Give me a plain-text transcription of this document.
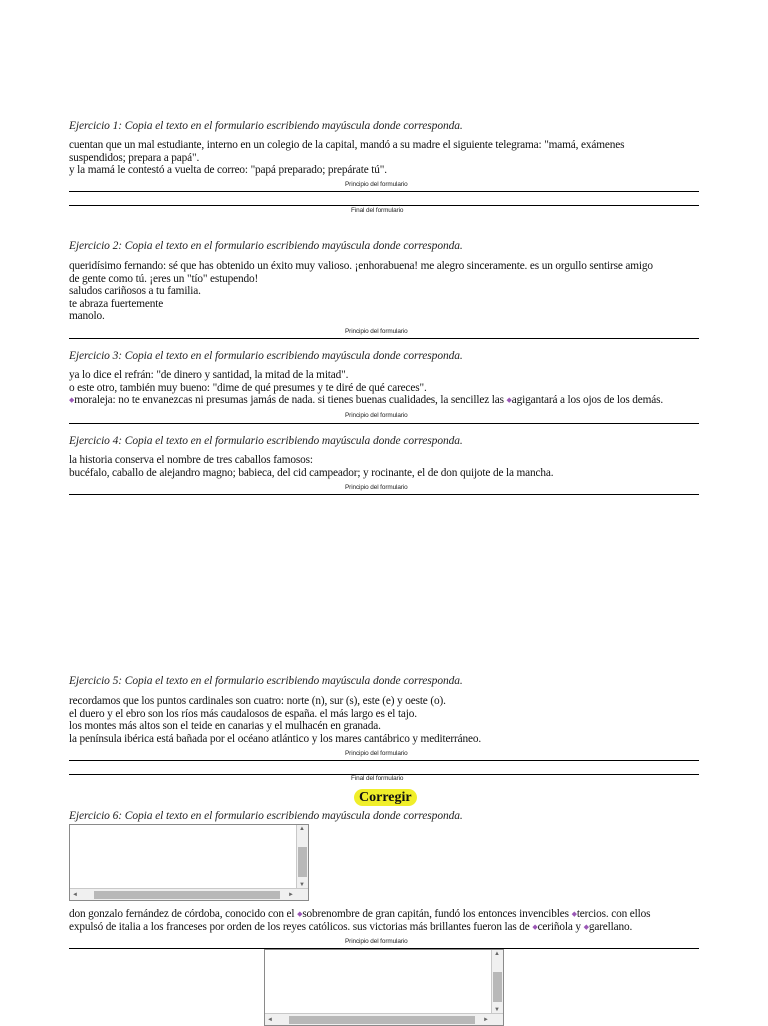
Ejercicio 1: Copia el texto en el formulario escribiendo mayúscula donde corresponda.
cuentan que un mal estudiante, interno en un colegio de la capital, mandó a su madre el siguiente telegrama: "mamá, exámenes
suspendidos; prepara a papá".
y la mamá le contestó a vuelta de correo: "papá preparado; prepárate tú".
Principio del formulario
Final del formulario
Ejercicio 2: Copia el texto en el formulario escribiendo mayúscula donde corresponda.
queridísimo fernando: sé que has obtenido un éxito muy valioso. ¡enhorabuena! me alegro sinceramente. es un orgullo sentirse amigo
de gente como tú. ¡eres un "tío" estupendo!
saludos cariñosos a tu familia.
te abraza fuertemente
manolo.
Principio del formulario
Ejercicio 3: Copia el texto en el formulario escribiendo mayúscula donde corresponda.
ya lo dice el refrán: "de dinero y santidad, la mitad de la mitad".
o este otro, también muy bueno: "dime de qué presumes y te diré de qué careces".
◆moraleja: no te envanezcas ni presumas jamás de nada. si tienes buenas cualidades, la sencillez las ◆agigantará a los ojos de los demás.
Principio del formulario
Ejercicio 4: Copia el texto en el formulario escribiendo mayúscula donde corresponda.
la historia conserva el nombre de tres caballos famosos:
bucéfalo, caballo de alejandro magno; babieca, del cid campeador; y rocinante, el de don quijote de la mancha.
Principio del formulario
Ejercicio 5: Copia el texto en el formulario escribiendo mayúscula donde corresponda.
recordamos que los puntos cardinales son cuatro: norte (n), sur (s), este (e) y oeste (o).
el duero y el ebro son los ríos más caudalosos de españa. el más largo es el tajo.
los montes más altos son el teide en canarias y el mulhacén en granada.
la península ibérica está bañada por el océano atlántico y los mares cantábrico y mediterráneo.
Principio del formulario
Final del formulario
Corregir
Ejercicio 6: Copia el texto en el formulario escribiendo mayúscula donde corresponda.
▲
▼
◄	►
don gonzalo fernández de córdoba, conocido con el ◆sobrenombre de gran capitán, fundó los entonces invencibles ◆tercios. con ellos
expulsó de italia a los franceses por orden de los reyes católicos. sus victorias más brillantes fueron las de ◆ceriñola y ◆garellano.
Principio del formulario
▲
▼
◄	►
